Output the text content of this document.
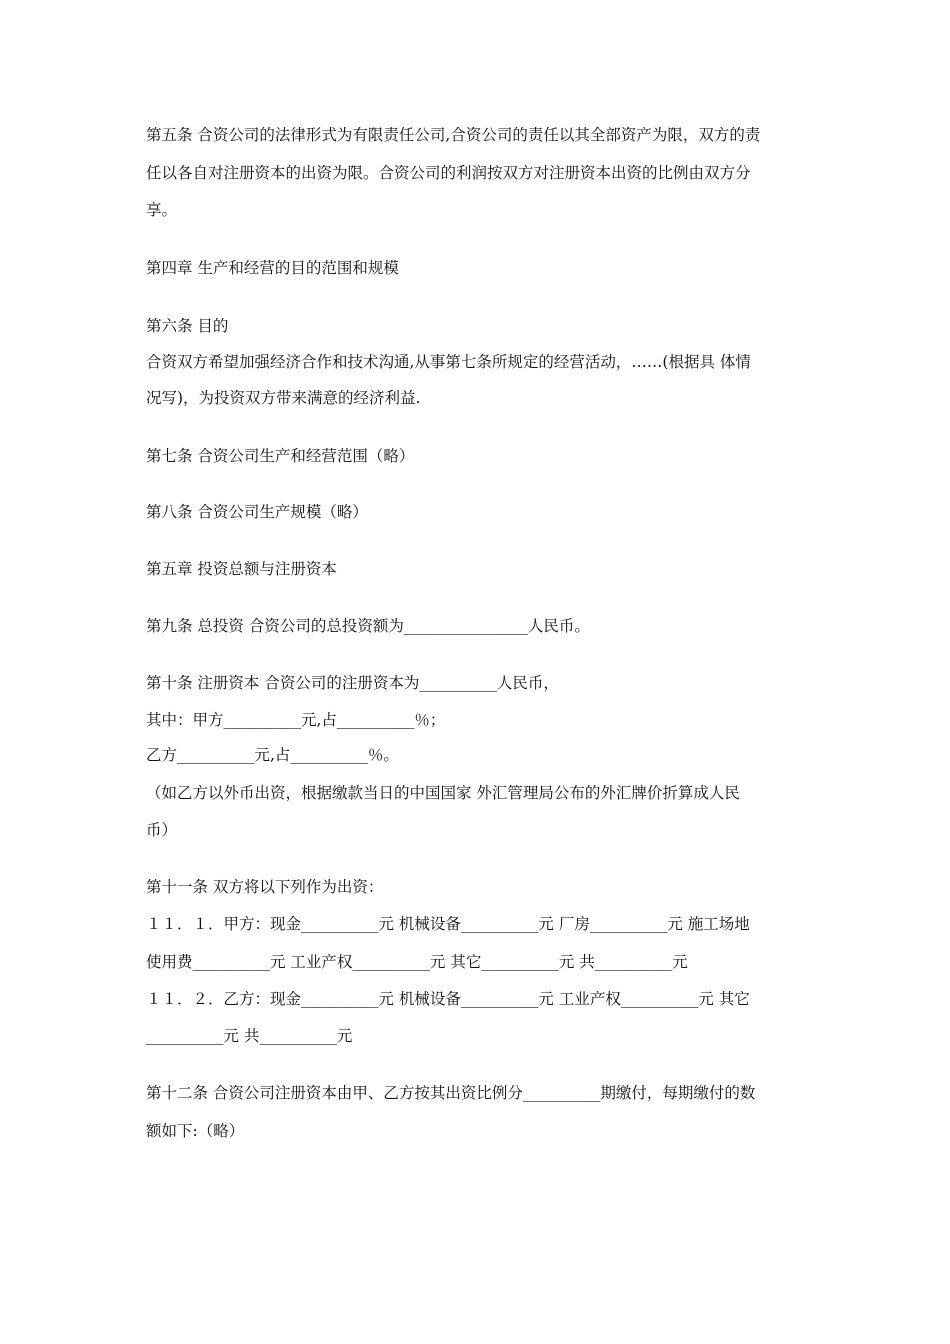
第五条 合资公司的法律形式为有限责任公司,合资公司的责任以其全部资产为限，双方的责
任以各自对注册资本的出资为限。合资公司的利润按双方对注册资本出资的比例由双方分
享。
第四章 生产和经营的目的范围和规模
第六条 目的
合资双方希望加强经济合作和技术沟通,从事第七条所规定的经营活动，……(根据具 体情
况写)，为投资双方带来满意的经济利益.
第七条 合资公司生产和经营范围（略）
第八条 合资公司生产规模（略）
第五章 投资总额与注册资本
第九条 总投资 合资公司的总投资额为________________人民币。
第十条 注册资本 合资公司的注册资本为__________人民币，
其中：甲方__________元,占__________％；
乙方__________元,占__________％。
（如乙方以外币出资，根据缴款当日的中国国家 外汇管理局公布的外汇牌价折算成人民
币）
第十一条 双方将以下列作为出资：
１１．１．甲方：现金__________元 机械设备__________元 厂房__________元 施工场地
使用费__________元 工业产权__________元 其它__________元 共__________元
１１．２．乙方：现金__________元 机械设备__________元 工业产权__________元 其它
__________元 共__________元
第十二条 合资公司注册资本由甲、乙方按其出资比例分__________期缴付，每期缴付的数
额如下:（略）
